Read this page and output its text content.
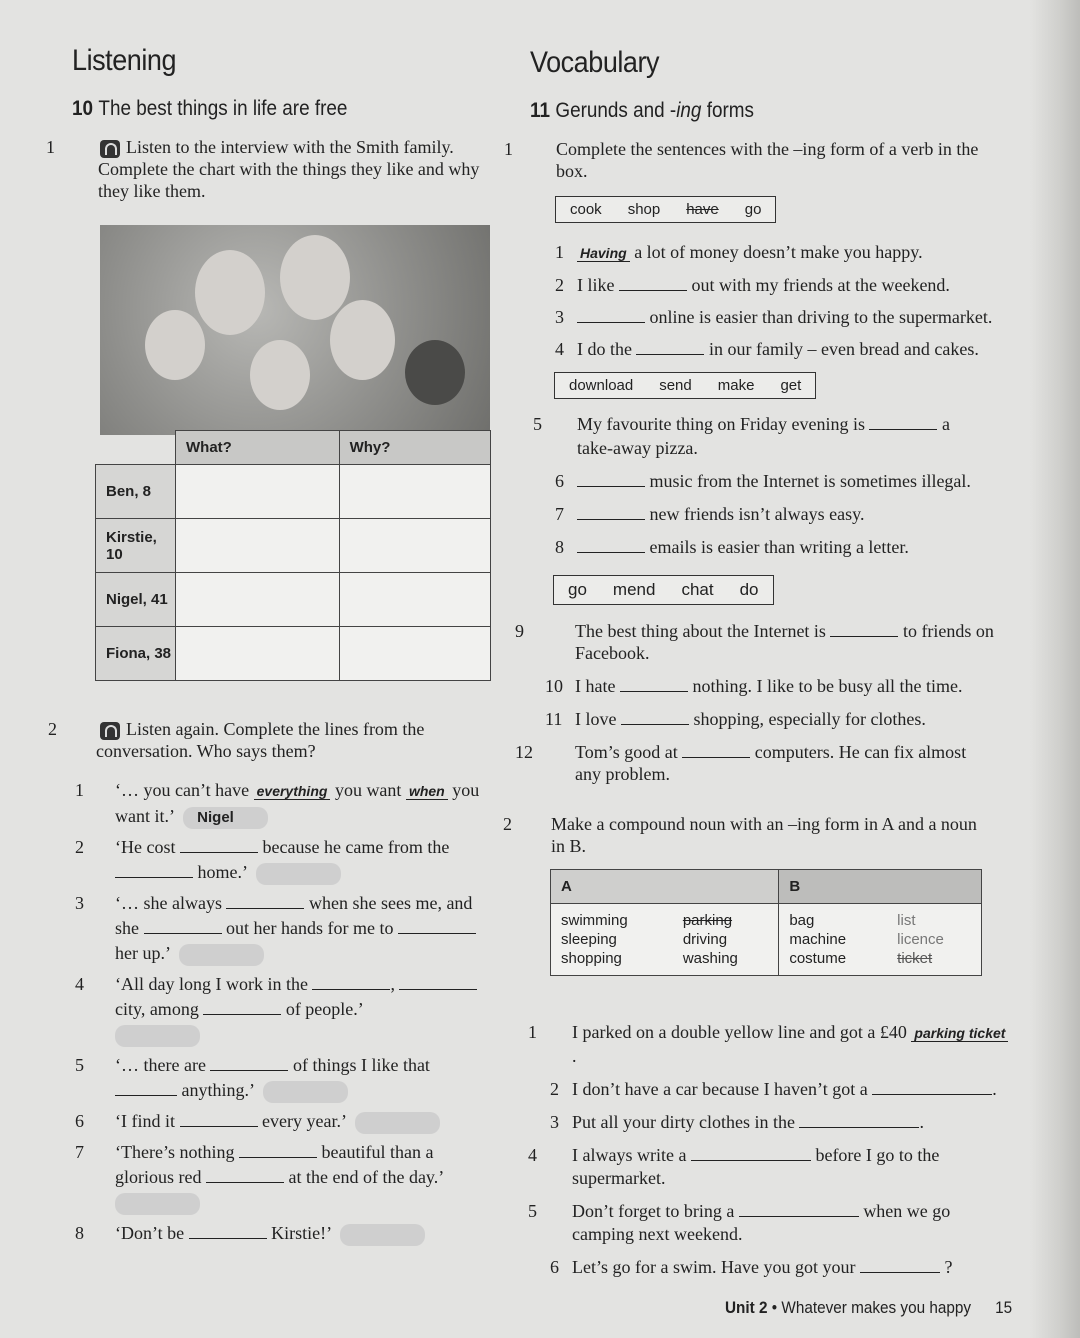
Listening
10 The best things in life are free
1	Listen to the interview with the Smith family. Complete the chart with the things they like and why they like them.
	What?	Why?
Ben, 8		
Kirstie, 10		
Nigel, 41		
Fiona, 38		
2	Listen again. Complete the lines from the conversation. Who says them?
1 ‘… you can’t have everything you want when you want it.’ Nigel
2 ‘He cost	because he came from the  home.’
3 ‘… she always	when she sees me, and she	out her hands for me to  her up.’
4 ‘All day long I work in the	,  city, among	of people.’

5 ‘… there are	of things I like that  anything.’
6 ‘I find it	every year.’
7 ‘There’s nothing	beautiful than a glorious red	at the end of the day.’

8 ‘Don’t be	Kirstie!’
Vocabulary
11 Gerunds and -ing forms
1 Complete the sentences with the –ing form of a verb in the box.
cook shop have go
1 Having a lot of money doesn’t make you happy.
2 I like	out with my friends at the weekend.
3	online is easier than driving to the supermarket.
4 I do the	in our family – even bread and cakes.
download send make get
5 My favourite thing on Friday evening is	a take-away pizza.
6	music from the Internet is sometimes illegal.
7	new friends isn’t always easy.
8	emails is easier than writing a letter.
go mend chat do
9	The best thing about the Internet is	to friends on Facebook.
10 I hate	nothing. I like to be busy all the time.
11 I love	shopping, especially for clothes.
12 Tom’s good at	computers. He can fix almost any problem.
2 Make a compound noun with an –ing form in A and a noun in B.
A		B	
swimming	parking	bag	list
sleeping	driving	machine	licence
shopping	washing	costume	ticket
1 I parked on a double yellow line and got a £40 parking ticket .
2 I don’t have a car because I haven’t got a	.
3 Put all your dirty clothes in the	.
4 I always write a	before I go to the supermarket.
5 Don’t forget to bring a	when we go camping next weekend.
6 Let’s go for a swim. Have you got your	?
Unit 2 • Whatever makes you happy 15
